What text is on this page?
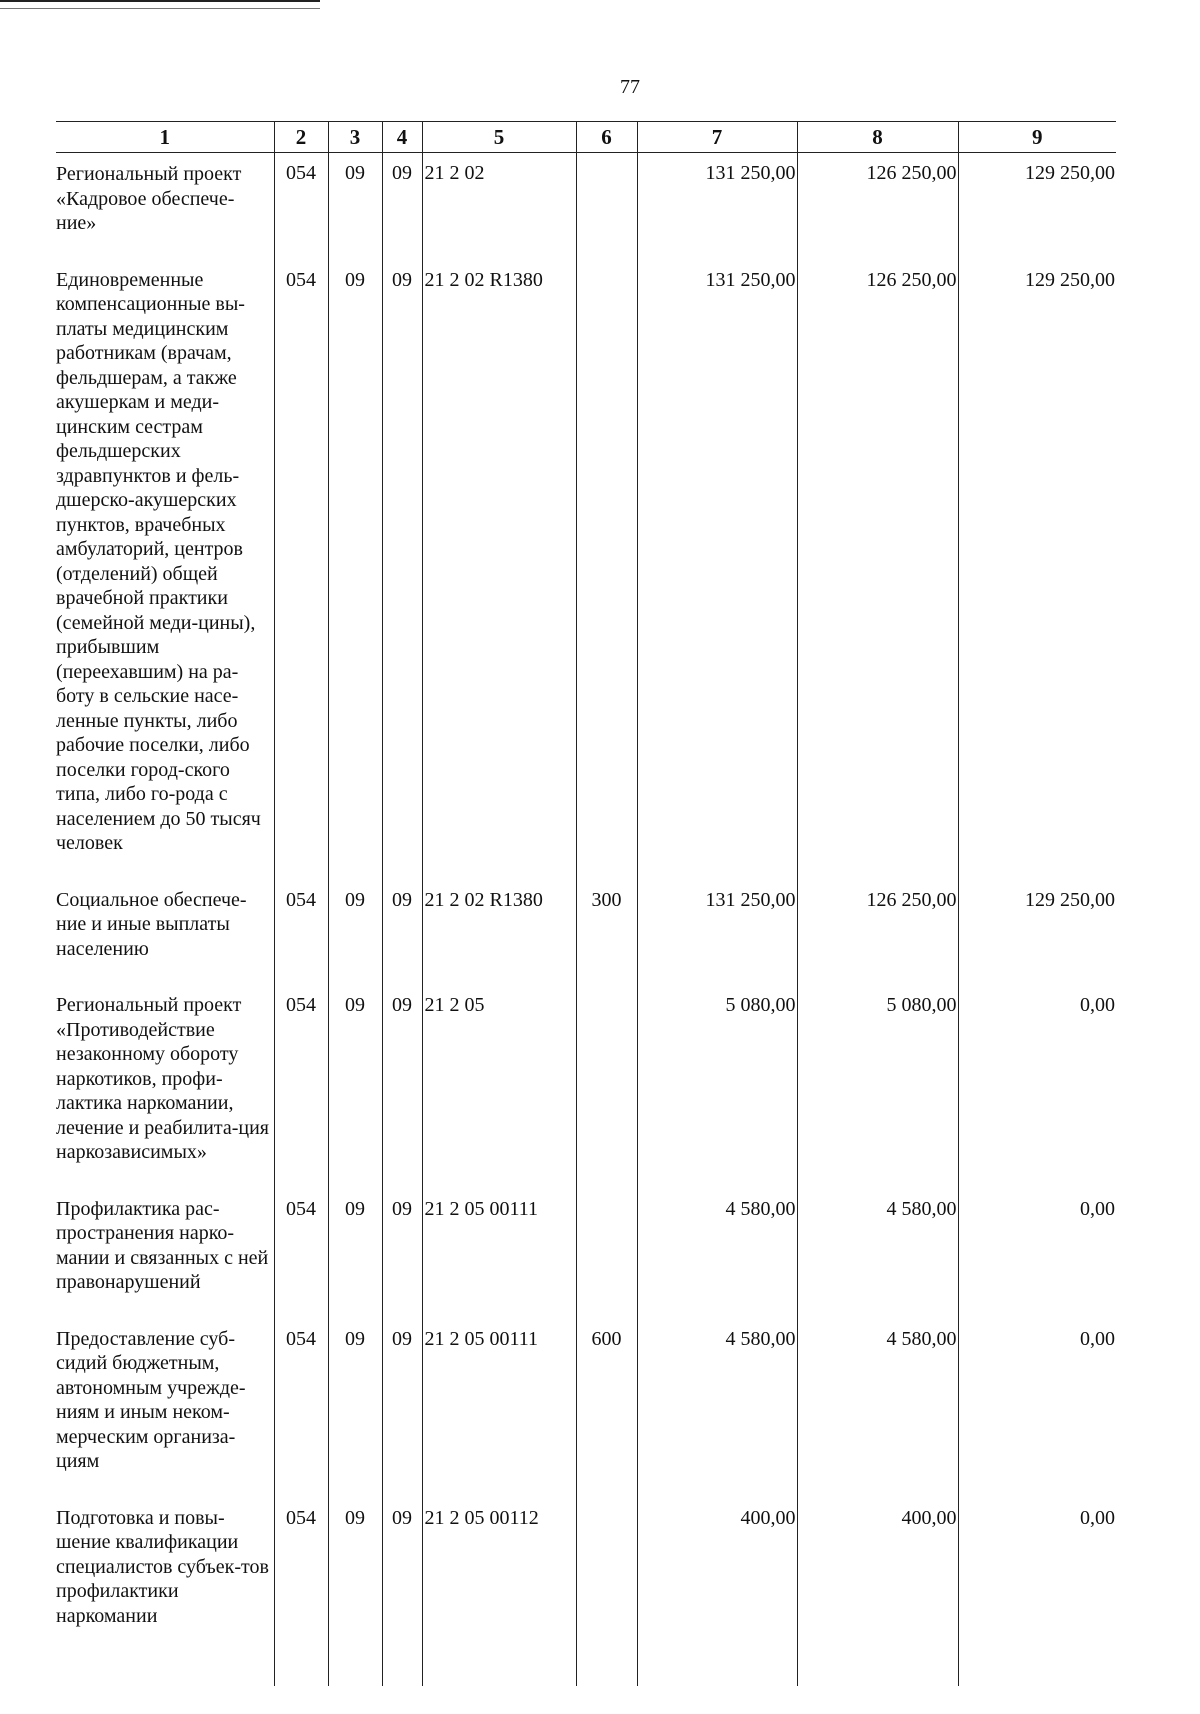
77
1	2	3	4	5	6	7	8	9
Региональный проект «Кадровое обеспече-ние»	054	09	09	21 2 02		131 250,00	126 250,00	129 250,00
Единовременные компенсационные вы-платы медицинским работникам (врачам, фельдшерам, а также акушеркам и меди-цинским сестрам фельдшерских здравпунктов и фель-дшерско-акушерских пунктов, врачебных амбулаторий, центров (отделений) общей врачебной практики (семейной меди-цины), прибывшим (переехавшим) на ра-боту в сельские насе-ленные пункты, либо рабочие поселки, либо поселки город-ского типа, либо го-рода с населением до 50 тысяч человек	054	09	09	21 2 02 R1380		131 250,00	126 250,00	129 250,00
Социальное обеспече-ние и иные выплаты населению	054	09	09	21 2 02 R1380	300	131 250,00	126 250,00	129 250,00
Региональный проект «Противодействие незаконному обороту наркотиков, профи-лактика наркомании, лечение и реабилита-ция наркозависимых»	054	09	09	21 2 05		5 080,00	5 080,00	0,00
Профилактика рас-пространения нарко-мании и связанных с ней правонарушений	054	09	09	21 2 05 00111		4 580,00	4 580,00	0,00
Предоставление суб-сидий бюджетным, автономным учрежде-ниям и иным неком-мерческим организа-циям	054	09	09	21 2 05 00111	600	4 580,00	4 580,00	0,00
Подготовка и повы-шение квалификации специалистов субъек-тов профилактики наркомании	054	09	09	21 2 05 00112		400,00	400,00	0,00
